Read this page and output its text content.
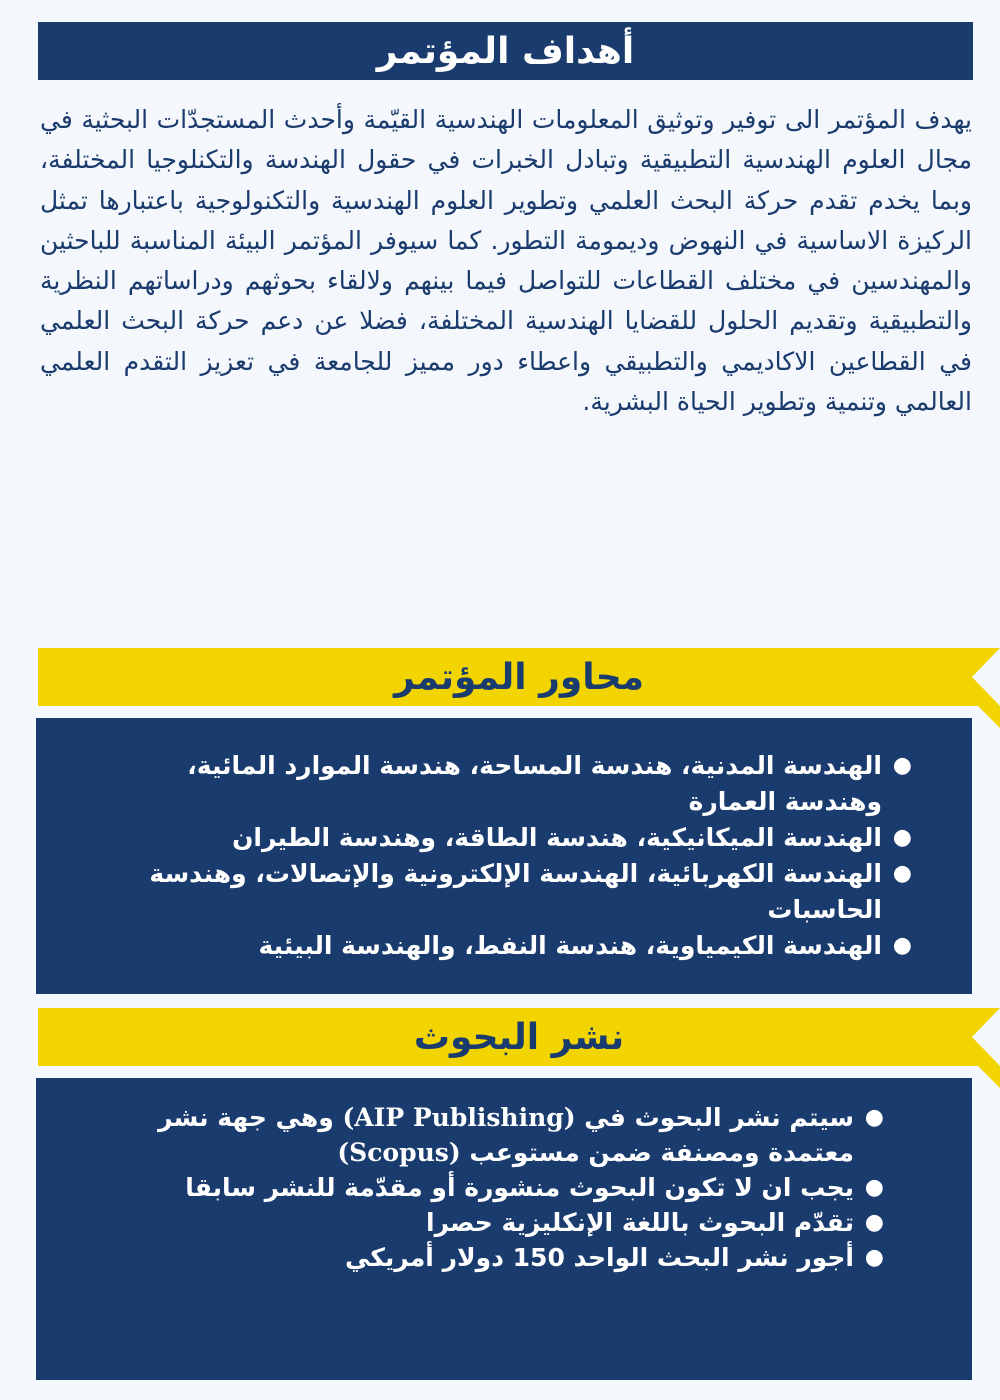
أهداف المؤتمر

يهدف المؤتمر الى توفير وتوثيق المعلومات الهندسية القيّمة وأحدث المستجدّات البحثية في مجال العلوم الهندسية التطبيقية وتبادل الخبرات في حقول الهندسة والتكنلوجيا المختلفة، وبما يخدم تقدم حركة البحث العلمي وتطوير العلوم الهندسية والتكنولوجية باعتبارها تمثل الركيزة الاساسية في النهوض وديمومة التطور. كما سيوفر المؤتمر البيئة المناسبة للباحثين والمهندسين في مختلف القطاعات للتواصل فيما بينهم ولالقاء بحوثهم ودراساتهم النظرية والتطبيقية وتقديم الحلول للقضايا الهندسية المختلفة، فضلا عن دعم حركة البحث العلمي في القطاعين الاكاديمي والتطبيقي واعطاء دور مميز للجامعة في تعزيز التقدم العلمي العالمي وتنمية وتطوير الحياة البشرية.

محاور المؤتمر
●
الهندسة المدنية، هندسة المساحة، هندسة الموارد المائية، وهندسة العمارة
●
الهندسة الميكانيكية، هندسة الطاقة، وهندسة الطيران
●
الهندسة الكهربائية، الهندسة الإلكترونية والإتصالات، وهندسة الحاسبات
●
الهندسة الكيمياوية، هندسة النفط، والهندسة البيئية
نشر البحوث
●
سيتم نشر البحوث في (AIP Publishing) وهي جهة نشر معتمدة ومصنفة ضمن مستوعب (Scopus)
●
يجب ان لا تكون البحوث منشورة أو مقدّمة للنشر سابقا
●
تقدّم البحوث باللغة الإنكليزية حصرا
●
أجور نشر البحث الواحد 150 دولار أمريكي
